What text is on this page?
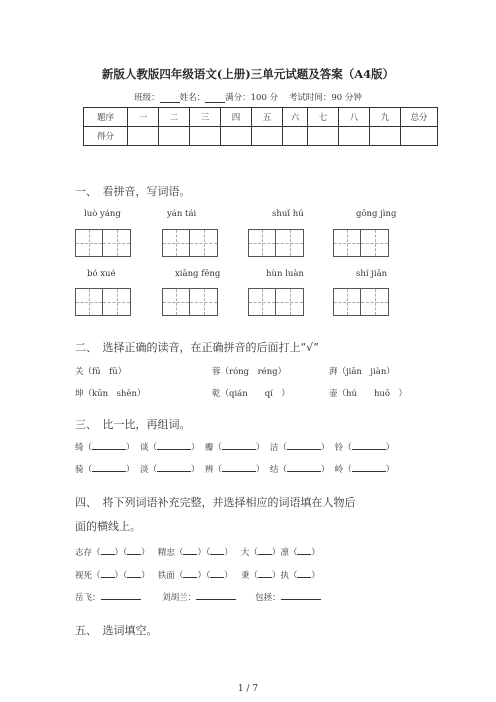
新版人教版四年级语文(上册)三单元试题及答案（A4版）
班级： 姓名： 满分：100 分 考试时间：90 分钟
题序	一	二	三	四	五	六	七	八	九	总分
得分										
一、　看拼音，写词语。
luò yáng	yán tái	shuǐ hú	gōng jìng
bó xué	xiāng fēng	hùn luàn	shí jiān
二、　选择正确的读音，在正确拼音的后面打上“√”
关（fū　fū）	蓉（róng　réng）	湃（jiān　jiàn）
坤（kūn　shēn）	乾（qián　　qí　）	壶（hú　　huō　）
三、　比一比，再组词。
绮（	）  谈（	）  瓣（	）  洁（	）  铃（	）
骑（	）  淡（	）  辨（	）  结（	）  岭（	）
四、　将下列词语补充完整，并选择相应的词语填在人物后
面的横线上。
志存（ ）（ ）   精忠（ ）（ ）   大（ ）凛（ ）
视死（ ）（ ）   铁面（ ）（ ）   秉（ ）执（ ）
岳飞：	刘胡兰：	包拯：
五、　选词填空。
1 / 7
